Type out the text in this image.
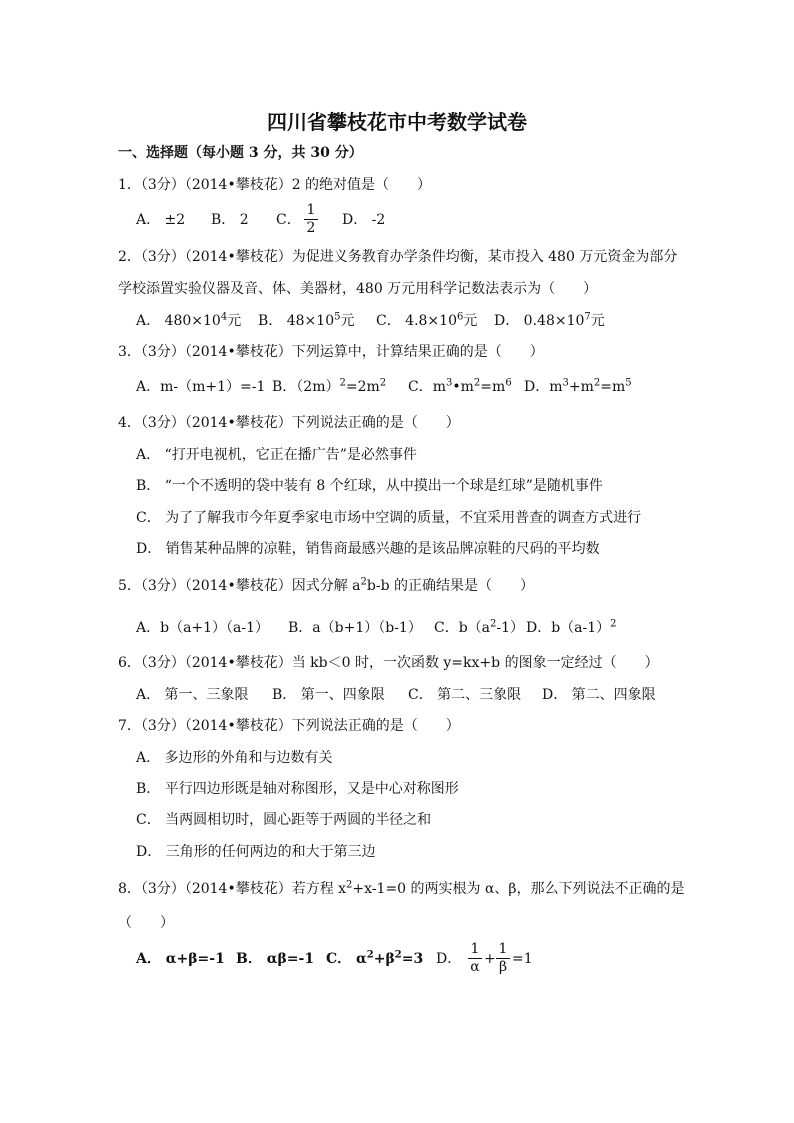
四川省攀枝花市中考数学试卷
一、选择题（每小题 3 分，共 30 分）
1．（3分）（2014•攀枝花）2 的绝对值是（　　）
A． ±2 B． 2 C．
1
2 D． -2
2．（3分）（2014•攀枝花）为促进义务教育办学条件均衡，某市投入 480 万元资金为部分
学校添置实验仪器及音、体、美器材，480 万元用科学记数法表示为（　　）
A． $480\times 10^4$元 B． $48\times 10^5$元 C． $4.8\times 10^6$元 D． $0.48\times 10^7$元
3．（3分）（2014•攀枝花）下列运算中，计算结果正确的是（　　）
A．m-（m+1）=-1 B．$(2m)^2=2m^2$ C．$m^3•m^2=m^6$ D．$m^3+m^2=m^5$
4．（3分）（2014•攀枝花）下列说法正确的是（　　）
A． “打开电视机，它正在播广告”是必然事件
B． “一个不透明的袋中装有 8 个红球，从中摸出一个球是红球”是随机事件
C． 为了了解我市今年夏季家电市场中空调的质量，不宜采用普查的调查方式进行
D． 销售某种品牌的凉鞋，销售商最感兴趣的是该品牌凉鞋的尺码的平均数
5．（3分）（2014•攀枝花）因式分解 $a^2b-b$ 的正确结果是（　　）
A．b（a+1）（a-1） B．a（b+1）（b-1） C．$b(a^2-1)$ D．$b(a-1)^2$
6．（3分）（2014•攀枝花）当 kb＜0 时，一次函数 y=kx+b 的图象一定经过（　　）
A． 第一、三象限 B． 第一、四象限 C． 第二、三象限 D． 第二、四象限
7．（3分）（2014•攀枝花）下列说法正确的是（　　）
A． 多边形的外角和与边数有关
B． 平行四边形既是轴对称图形，又是中心对称图形
C． 当两圆相切时，圆心距等于两圆的半径之和
D． 三角形的任何两边的和大于第三边
8．（3分）（2014•攀枝花）若方程 $x^2+x-1=0$ 的两实根为 α、β，那么下列说法不正确的是
（　　）
A． α+β=-1 B． αβ=-1 C． $\alpha^2+\beta^2=3$ D．
1
α +
1
β =1
